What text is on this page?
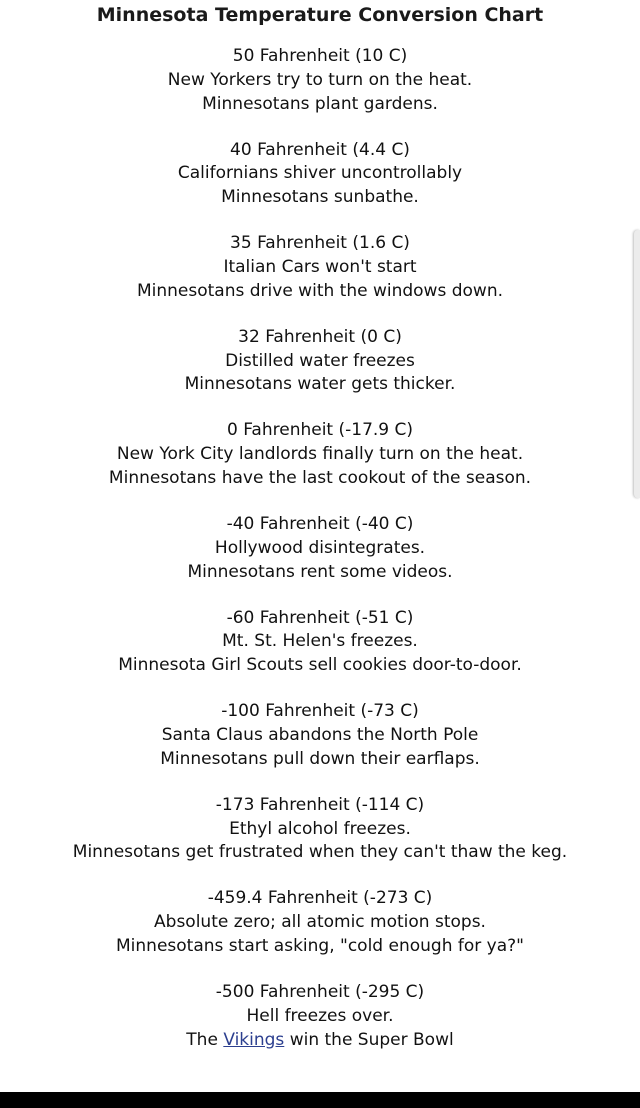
Minnesota Temperature Conversion Chart
50 Fahrenheit (10 C)
New Yorkers try to turn on the heat.
Minnesotans plant gardens.
40 Fahrenheit (4.4 C)
Californians shiver uncontrollably
Minnesotans sunbathe.
35 Fahrenheit (1.6 C)
Italian Cars won't start
Minnesotans drive with the windows down.
32 Fahrenheit (0 C)
Distilled water freezes
Minnesotans water gets thicker.
0 Fahrenheit (-17.9 C)
New York City landlords finally turn on the heat.
Minnesotans have the last cookout of the season.
-40 Fahrenheit (-40 C)
Hollywood disintegrates.
Minnesotans rent some videos.
-60 Fahrenheit (-51 C)
Mt. St. Helen's freezes.
Minnesota Girl Scouts sell cookies door-to-door.
-100 Fahrenheit (-73 C)
Santa Claus abandons the North Pole
Minnesotans pull down their earflaps.
-173 Fahrenheit (-114 C)
Ethyl alcohol freezes.
Minnesotans get frustrated when they can't thaw the keg.
-459.4 Fahrenheit (-273 C)
Absolute zero; all atomic motion stops.
Minnesotans start asking, "cold enough for ya?"
-500 Fahrenheit (-295 C)
Hell freezes over.
The Vikings win the Super Bowl
